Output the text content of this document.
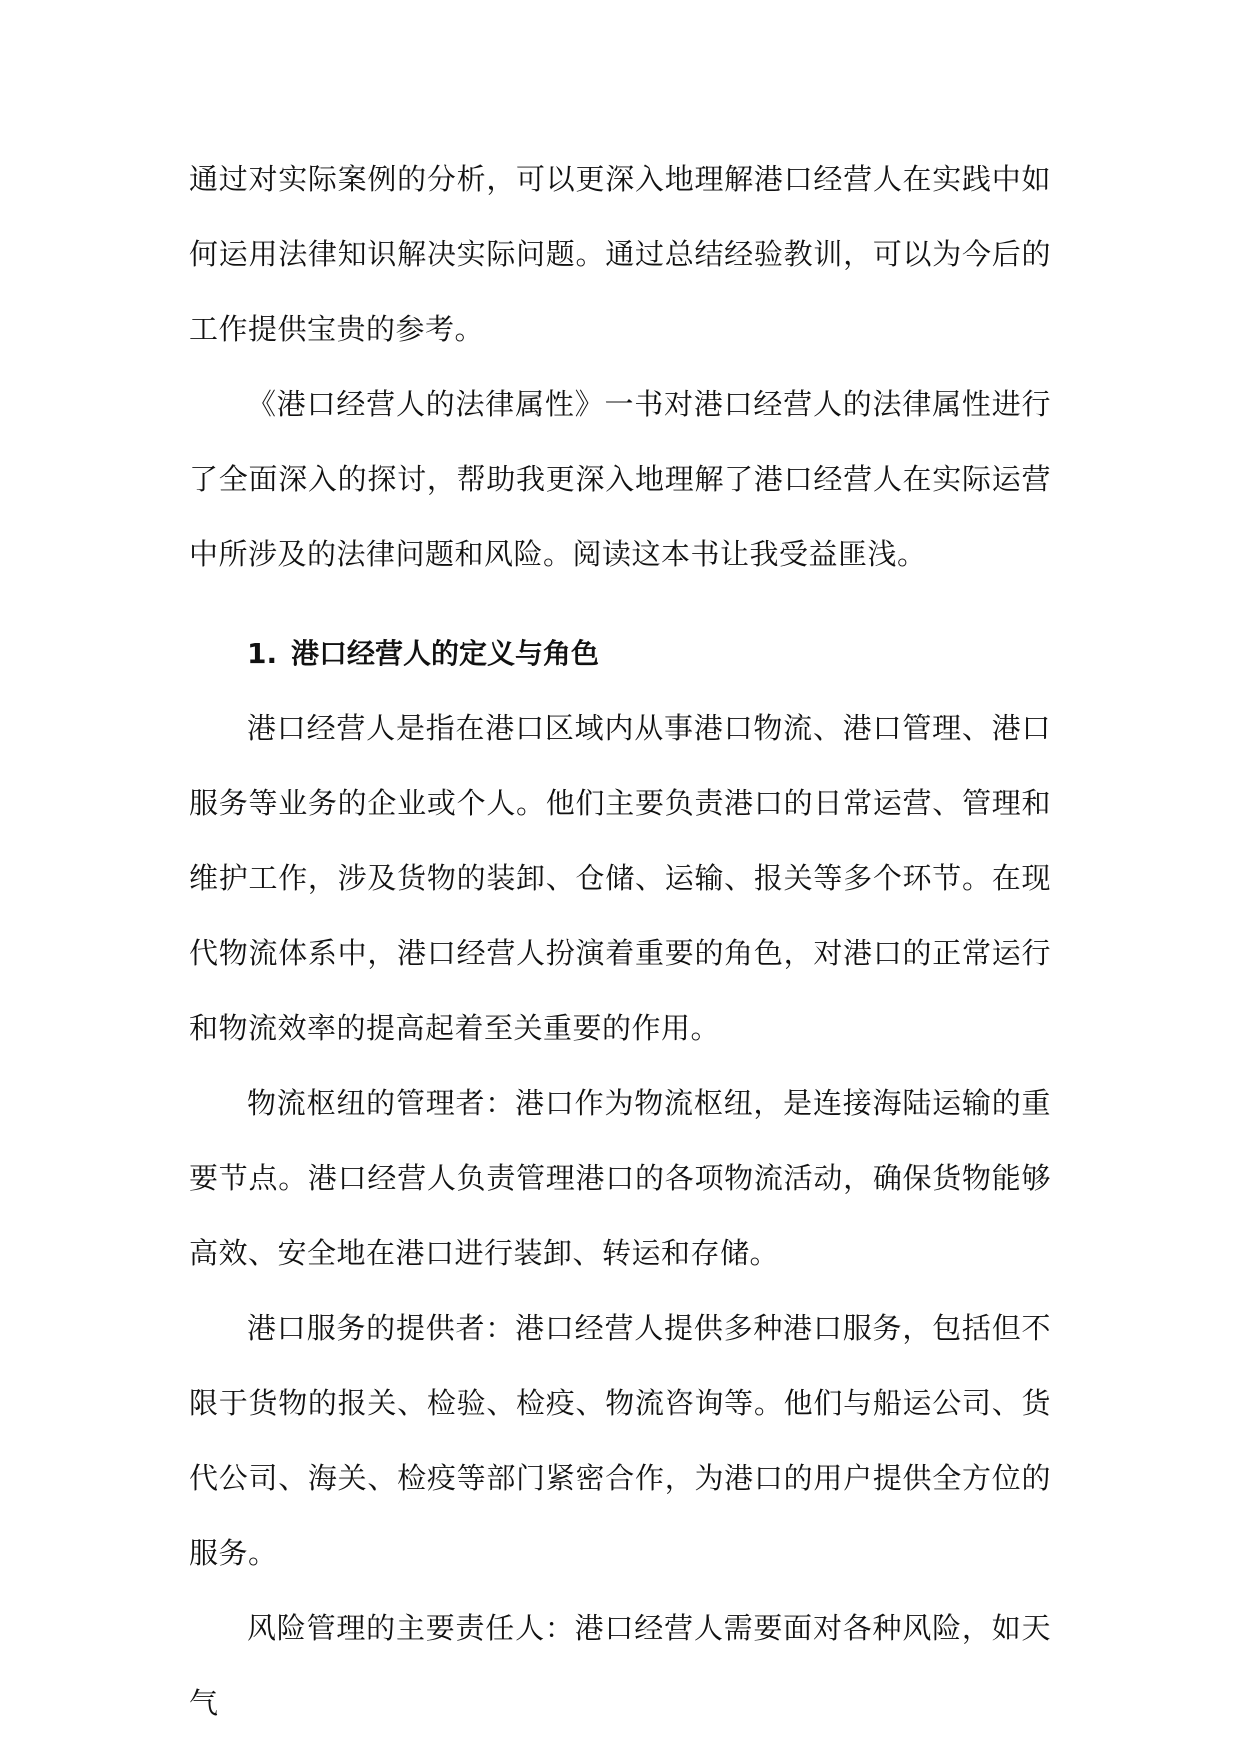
通过对实际案例的分析，可以更深入地理解港口经营人在实践中如何运用法律知识解决实际问题。通过总结经验教训，可以为今后的工作提供宝贵的参考。

《港口经营人的法律属性》一书对港口经营人的法律属性进行了全面深入的探讨，帮助我更深入地理解了港口经营人在实际运营中所涉及的法律问题和风险。阅读这本书让我受益匪浅。

1. 港口经营人的定义与角色

港口经营人是指在港口区域内从事港口物流、港口管理、港口服务等业务的企业或个人。他们主要负责港口的日常运营、管理和维护工作，涉及货物的装卸、仓储、运输、报关等多个环节。在现代物流体系中，港口经营人扮演着重要的角色，对港口的正常运行和物流效率的提高起着至关重要的作用。

物流枢纽的管理者：港口作为物流枢纽，是连接海陆运输的重要节点。港口经营人负责管理港口的各项物流活动，确保货物能够高效、安全地在港口进行装卸、转运和存储。

港口服务的提供者：港口经营人提供多种港口服务，包括但不限于货物的报关、检验、检疫、物流咨询等。他们与船运公司、货代公司、海关、检疫等部门紧密合作，为港口的用户提供全方位的服务。

风险管理的主要责任人：港口经营人需要面对各种风险，如天气
